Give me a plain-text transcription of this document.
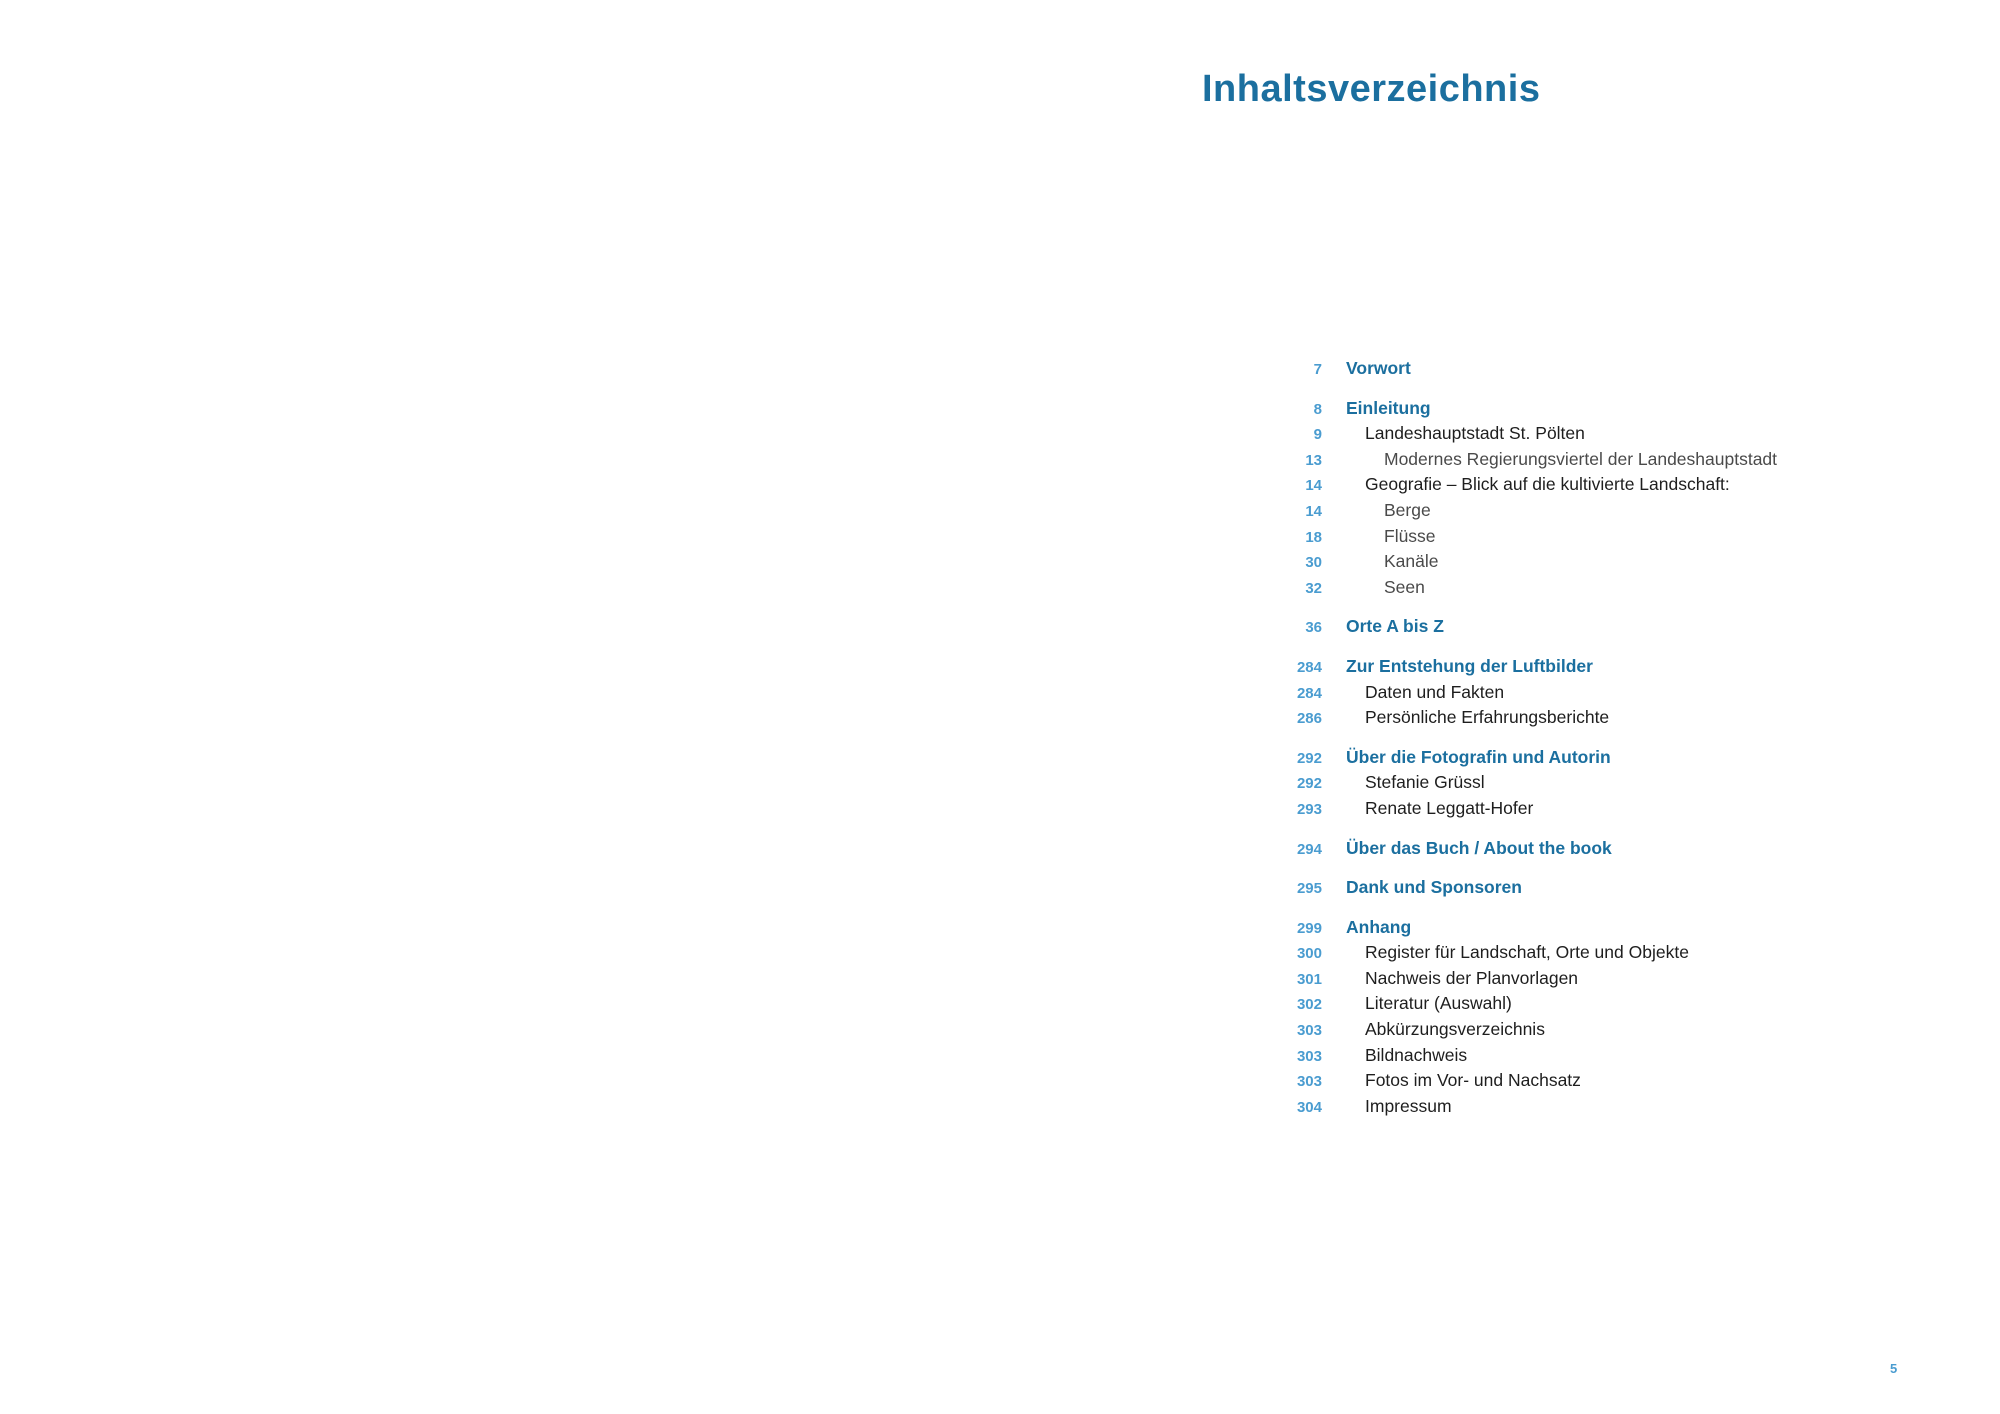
Inhaltsverzeichnis
7	Vorwort
8	Einleitung
9	Landeshauptstadt St. Pölten
13	Modernes Regierungsviertel der Landeshauptstadt
14	Geografie – Blick auf die kultivierte Landschaft:
14	Berge
18	Flüsse
30	Kanäle
32	Seen
36	Orte A bis Z
284	Zur Entstehung der Luftbilder
284	Daten und Fakten
286	Persönliche Erfahrungsberichte
292	Über die Fotografin und Autorin
292	Stefanie Grüssl
293	Renate Leggatt-Hofer
294	Über das Buch / About the book
295	Dank und Sponsoren
299	Anhang
300	Register für Landschaft, Orte und Objekte
301	Nachweis der Planvorlagen
302	Literatur (Auswahl)
303	Abkürzungsverzeichnis
303	Bildnachweis
303	Fotos im Vor- und Nachsatz
304	Impressum
5
